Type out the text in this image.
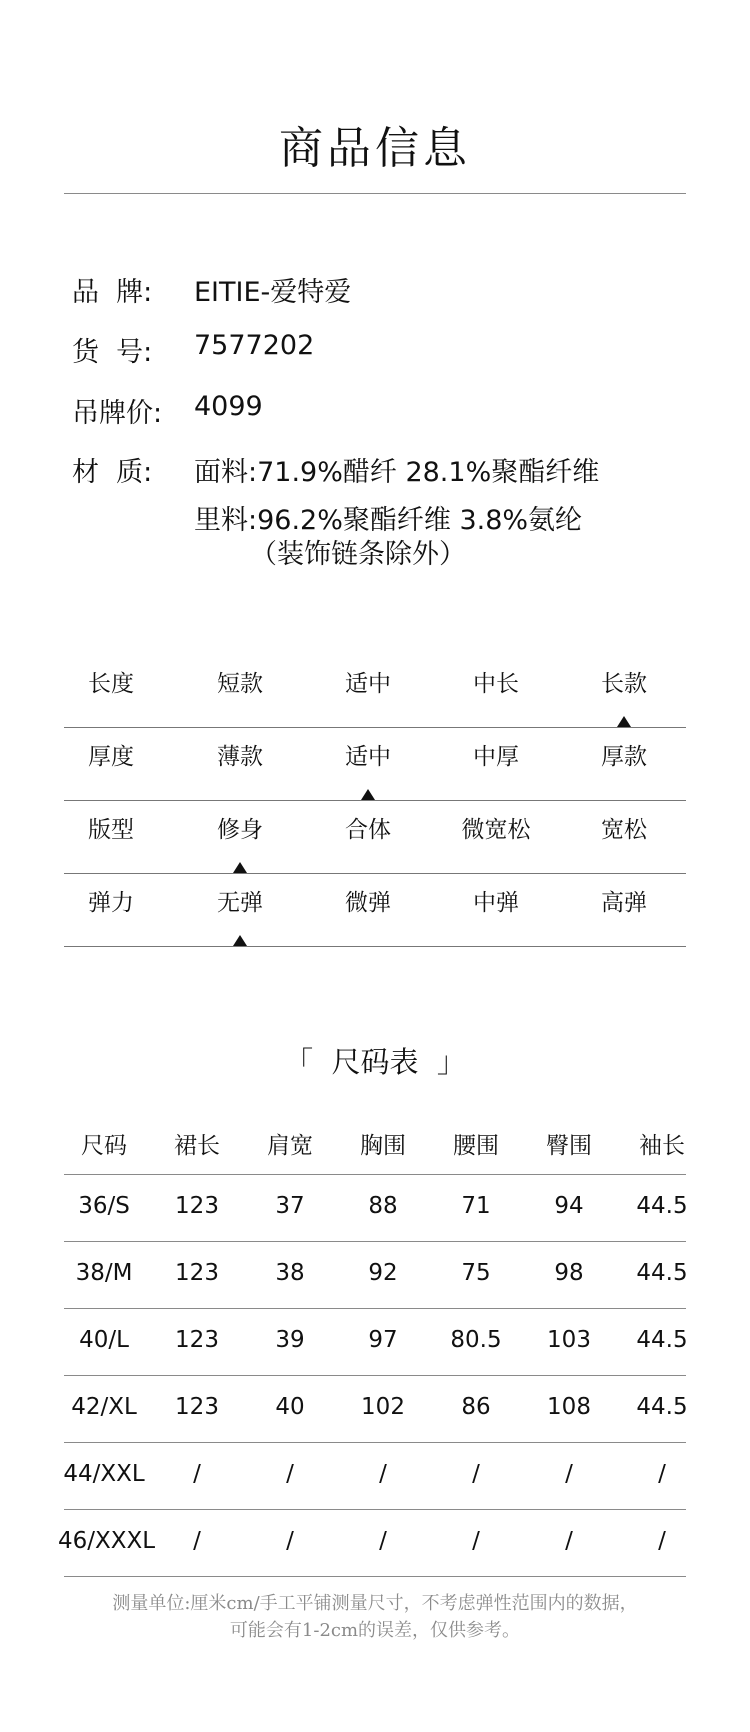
商品信息
品  牌:	EITIE-爱特爱
货  号:	7577202
吊牌价:	4099
材  质:	面料:71.9%醋纤 28.1%聚酯纤维
里料:96.2%聚酯纤维 3.8%氨纶
（装饰链条除外）
长度	短款	适中	中长	长款
厚度	薄款	适中	中厚	厚款
版型	修身	合体	微宽松	宽松
弹力	无弹	微弹	中弹	高弹
「  尺码表  」
尺码	裙长	肩宽	胸围	腰围	臀围	袖长
36/S	123	37	88	71	94	44.5
38/M	123	38	92	75	98	44.5
40/L	123	39	97	80.5	103	44.5
42/XL	123	40	102	86	108	44.5
44/XXL	/	/	/	/	/	/
46/XXXL	/	/	/	/	/	/
测量单位:厘米cm/手工平铺测量尺寸，不考虑弹性范围内的数据，
可能会有1-2cm的误差，仅供参考。
